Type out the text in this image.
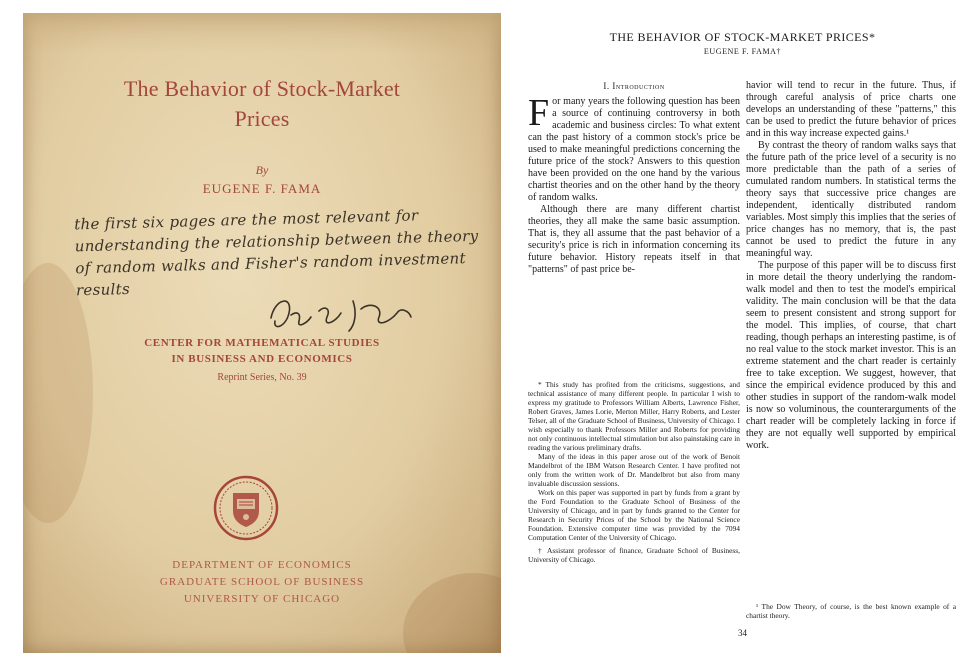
The Behavior of Stock-Market
Prices
By
EUGENE F. FAMA
the first six pages are the most relevant for understanding the relationship between the theory of random walks and Fisher's random investment results
CENTER FOR MATHEMATICAL STUDIES
IN BUSINESS AND ECONOMICS
Reprint Series, No. 39
DEPARTMENT OF ECONOMICS
GRADUATE SCHOOL OF BUSINESS
UNIVERSITY OF CHICAGO
THE BEHAVIOR OF STOCK-MARKET PRICES*
EUGENE F. FAMA†
I. Introduction

For many years the following question has been a source of continuing controversy in both academic and business circles: To what extent can the past history of a common stock's price be used to make meaningful predictions concerning the future price of the stock? Answers to this question have been provided on the one hand by the various chartist theories and on the other hand by the theory of random walks.

Although there are many different chartist theories, they all make the same basic assumption. That is, they all assume that the past behavior of a security's price is rich in information concerning its future behavior. History repeats itself in that "patterns" of past price be-

* This study has profited from the criticisms, suggestions, and technical assistance of many different people. In particular I wish to express my gratitude to Professors William Alberts, Lawrence Fisher, Robert Graves, James Lorie, Merton Miller, Harry Roberts, and Lester Telser, all of the Graduate School of Business, University of Chicago. I wish especially to thank Professors Miller and Roberts for providing not only continuous intellectual stimulation but also painstaking care in reading the various preliminary drafts.

Many of the ideas in this paper arose out of the work of Benoit Mandelbrot of the IBM Watson Research Center. I have profited not only from the written work of Dr. Mandelbrot but also from many invaluable discussion sessions.

Work on this paper was supported in part by funds from a grant by the Ford Foundation to the Graduate School of Business of the University of Chicago, and in part by funds granted to the Center for Research in Security Prices of the School by the National Science Foundation. Extensive computer time was provided by the 7094 Computation Center of the University of Chicago.

† Assistant professor of finance, Graduate School of Business, University of Chicago.

havior will tend to recur in the future. Thus, if through careful analysis of price charts one develops an understanding of these "patterns," this can be used to predict the future behavior of prices and in this way increase expected gains.¹

By contrast the theory of random walks says that the future path of the price level of a security is no more predictable than the path of a series of cumulated random numbers. In statistical terms the theory says that successive price changes are independent, identically distributed random variables. Most simply this implies that the series of price changes has no memory, that is, the past cannot be used to predict the future in any meaningful way.

The purpose of this paper will be to discuss first in more detail the theory underlying the random-walk model and then to test the model's empirical validity. The main conclusion will be that the data seem to present consistent and strong support for the model. This implies, of course, that chart reading, though perhaps an interesting pastime, is of no real value to the stock market investor. This is an extreme statement and the chart reader is certainly free to take exception. We suggest, however, that since the empirical evidence produced by this and other studies in support of the random-walk model is now so voluminous, the counterarguments of the chart reader will be completely lacking in force if they are not equally well supported by empirical work.

¹ The Dow Theory, of course, is the best known example of a chartist theory.

34
